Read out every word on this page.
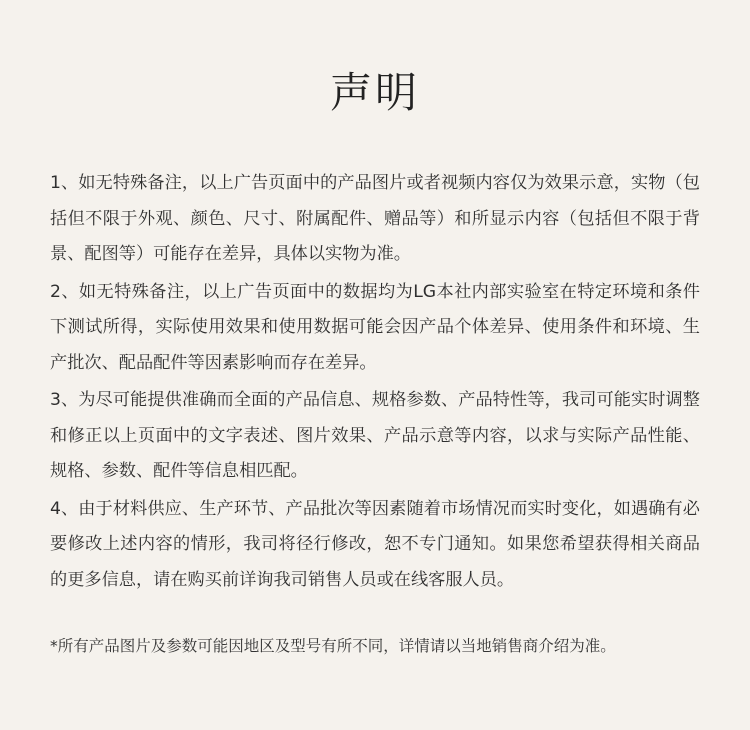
声明

1、如无特殊备注，以上广告页面中的产品图片或者视频内容仅为效果示意，实物（包括但不限于外观、颜色、尺寸、附属配件、赠品等）和所显示内容（包括但不限于背景、配图等）可能存在差异，具体以实物为准。

2、如无特殊备注，以上广告页面中的数据均为LG本社内部实验室在特定环境和条件下测试所得，实际使用效果和使用数据可能会因产品个体差异、使用条件和环境、生产批次、配品配件等因素影响而存在差异。

3、为尽可能提供准确而全面的产品信息、规格参数、产品特性等，我司可能实时调整和修正以上页面中的文字表述、图片效果、产品示意等内容，以求与实际产品性能、规格、参数、配件等信息相匹配。

4、由于材料供应、生产环节、产品批次等因素随着市场情况而实时变化，如遇确有必要修改上述内容的情形，我司将径行修改，恕不专门通知。如果您希望获得相关商品的更多信息，请在购买前详询我司销售人员或在线客服人员。

*所有产品图片及参数可能因地区及型号有所不同，详情请以当地销售商介绍为准。
